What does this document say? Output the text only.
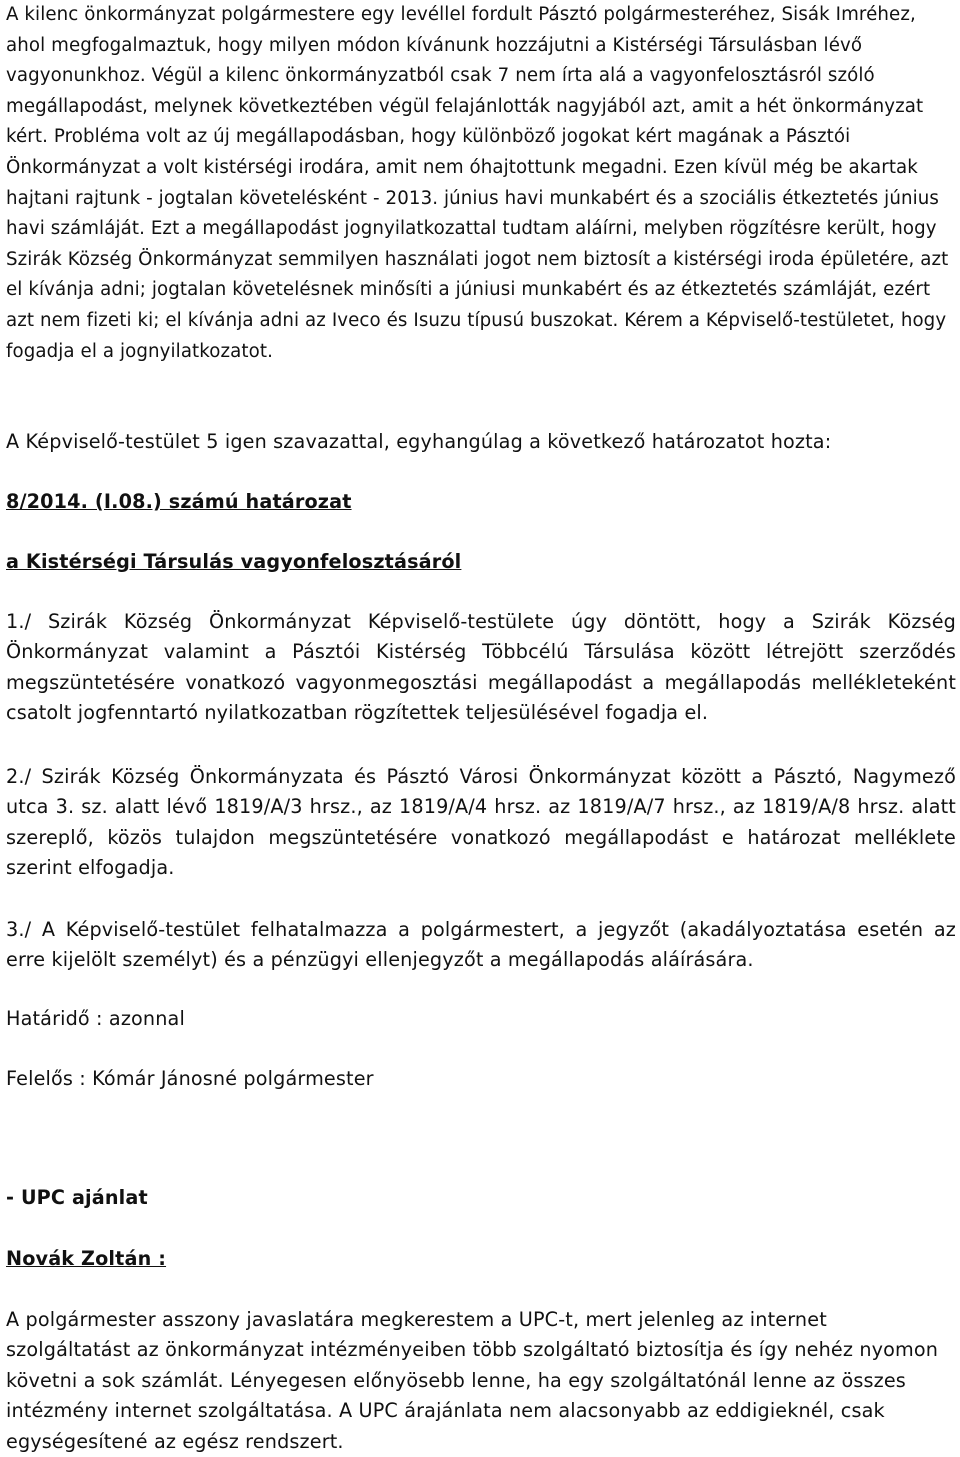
A kilenc önkormányzat polgármestere egy levéllel fordult Pásztó polgármesteréhez, Sisák Imréhez, ahol megfogalmaztuk, hogy milyen módon kívánunk hozzájutni a Kistérségi Társulásban lévő vagyonunkhoz. Végül a kilenc önkormányzatból csak 7 nem írta alá a vagyonfelosztásról szóló megállapodást, melynek következtében végül felajánlották nagyjából azt, amit a hét önkormányzat kért. Probléma volt az új megállapodásban, hogy különböző jogokat kért magának a Pásztói Önkormányzat a volt kistérségi irodára, amit nem óhajtottunk megadni. Ezen kívül még be akartak hajtani rajtunk - jogtalan követelésként - 2013. június havi munkabért és a szociális étkeztetés június havi számláját. Ezt a megállapodást jognyilatkozattal tudtam aláírni, melyben rögzítésre került, hogy Szirák Község Önkormányzat semmilyen használati jogot nem biztosít a kistérségi iroda épületére, azt el kívánja adni; jogtalan követelésnek minősíti a júniusi munkabért és az étkeztetés számláját, ezért azt nem fizeti ki; el kívánja adni az Iveco és Isuzu típusú buszokat. Kérem a Képviselő-testületet, hogy fogadja el a jognyilatkozatot.

A Képviselő-testület 5 igen szavazattal, egyhangúlag a következő határozatot hozta:

8/2014. (I.08.) számú határozat

a Kistérségi Társulás vagyonfelosztásáról

1./ Szirák Község Önkormányzat Képviselő-testülete úgy döntött, hogy a Szirák Község Önkormányzat valamint a Pásztói Kistérség Többcélú Társulása között létrejött szerződés megszüntetésére vonatkozó vagyonmegosztási megállapodást a megállapodás mellékleteként csatolt jogfenntartó nyilatkozatban rögzítettek teljesülésével fogadja el.

2./ Szirák Község Önkormányzata és Pásztó Városi Önkormányzat között a Pásztó, Nagymező utca 3. sz. alatt lévő 1819/A/3 hrsz., az 1819/A/4 hrsz. az 1819/A/7 hrsz., az 1819/A/8 hrsz. alatt szereplő, közös tulajdon megszüntetésére vonatkozó megállapodást e határozat melléklete szerint elfogadja.

3./ A Képviselő-testület felhatalmazza a polgármestert, a jegyzőt (akadályoztatása esetén az erre kijelölt személyt) és a pénzügyi ellenjegyzőt a megállapodás aláírására.

Határidő : azonnal

Felelős : Kómár Jánosné polgármester

- UPC ajánlat

Novák Zoltán :

A polgármester asszony javaslatára megkerestem a UPC-t, mert jelenleg az internet szolgáltatást az önkormányzat intézményeiben több szolgáltató biztosítja és így nehéz nyomon követni a sok számlát. Lényegesen előnyösebb lenne, ha egy szolgáltatónál lenne az összes intézmény internet szolgáltatása. A UPC árajánlata nem alacsonyabb az eddigieknél, csak egységesítené az egész rendszert.
